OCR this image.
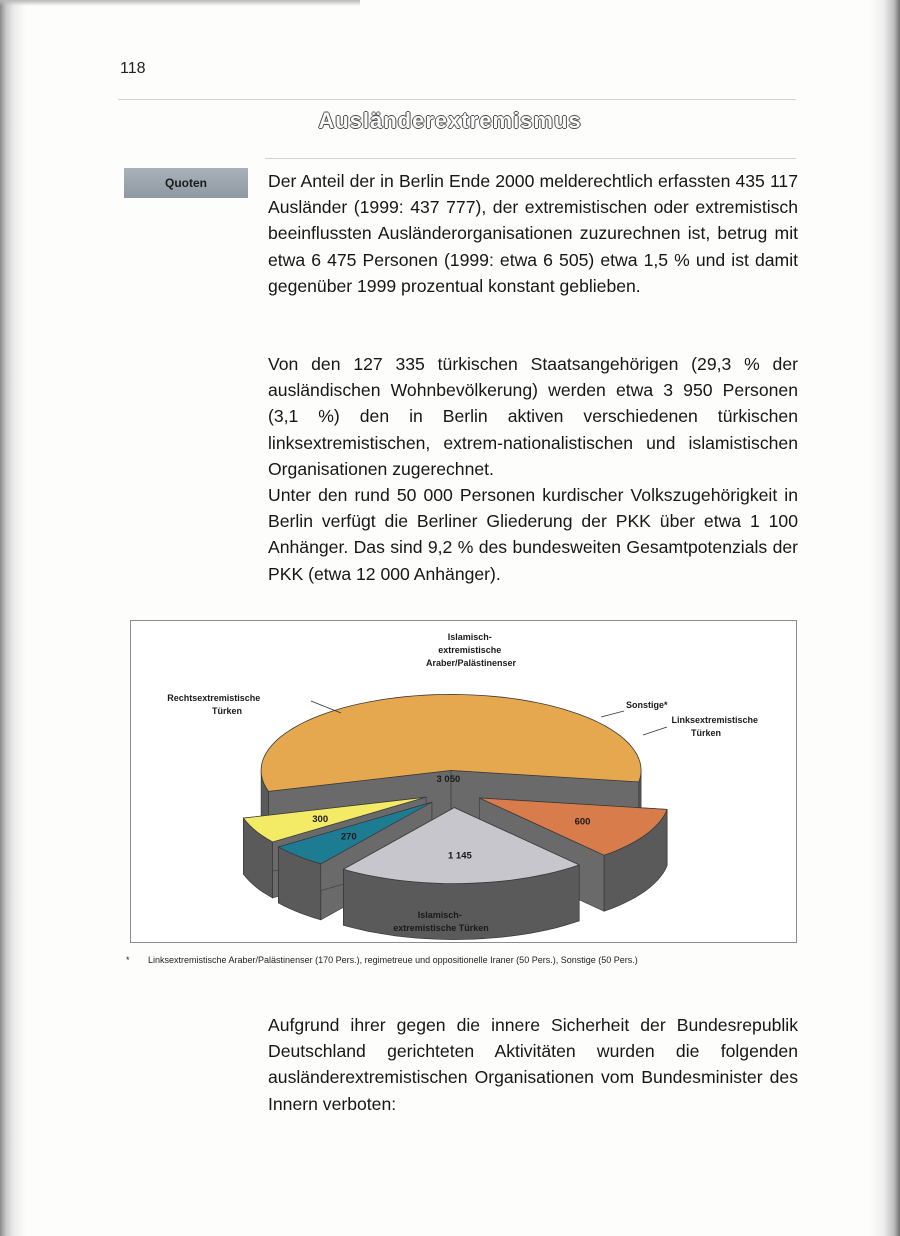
118
Ausländerextremismus
Quoten	Der Anteil der in Berlin Ende 2000 melderechtlich erfassten 435 117 Ausländer (1999: 437 777), der extremistischen oder extremistisch beeinflussten Ausländerorganisationen zuzurechnen ist, betrug mit etwa 6 475 Personen (1999: etwa 6 505) etwa 1,5 % und ist damit gegenüber 1999 prozentual konstant geblieben.

Von den 127 335 türkischen Staatsangehörigen (29,3 % der ausländischen Wohnbevölkerung) werden etwa 3 950 Personen (3,1 %) den in Berlin aktiven verschiedenen türkischen linksextremistischen, extrem-nationalistischen und islamistischen Organisationen zugerechnet.

Unter den rund 50 000 Personen kurdischer Volkszugehörigkeit in Berlin verfügt die Berliner Gliederung der PKK über etwa 1 100 Anhänger. Das sind 9,2 % des bundesweiten Gesamtpotenzials der PKK (etwa 12 000 Anhänger).

3 050
600
1 145
270
300
Islamisch- extremistische Araber/Palästinenser
Rechtsextremistische Türken
Sonstige*
Linksextremistische Türken
Islamisch- extremistische Türken
* Linksextremistische Araber/Palästinenser (170 Pers.), regimetreue und oppositionelle Iraner (50 Pers.), Sonstige (50 Pers.)

Aufgrund ihrer gegen die innere Sicherheit der Bundesrepublik Deutschland gerichteten Aktivitäten wurden die folgenden ausländerextremistischen Organisationen vom Bundesminister des Innern verboten:
